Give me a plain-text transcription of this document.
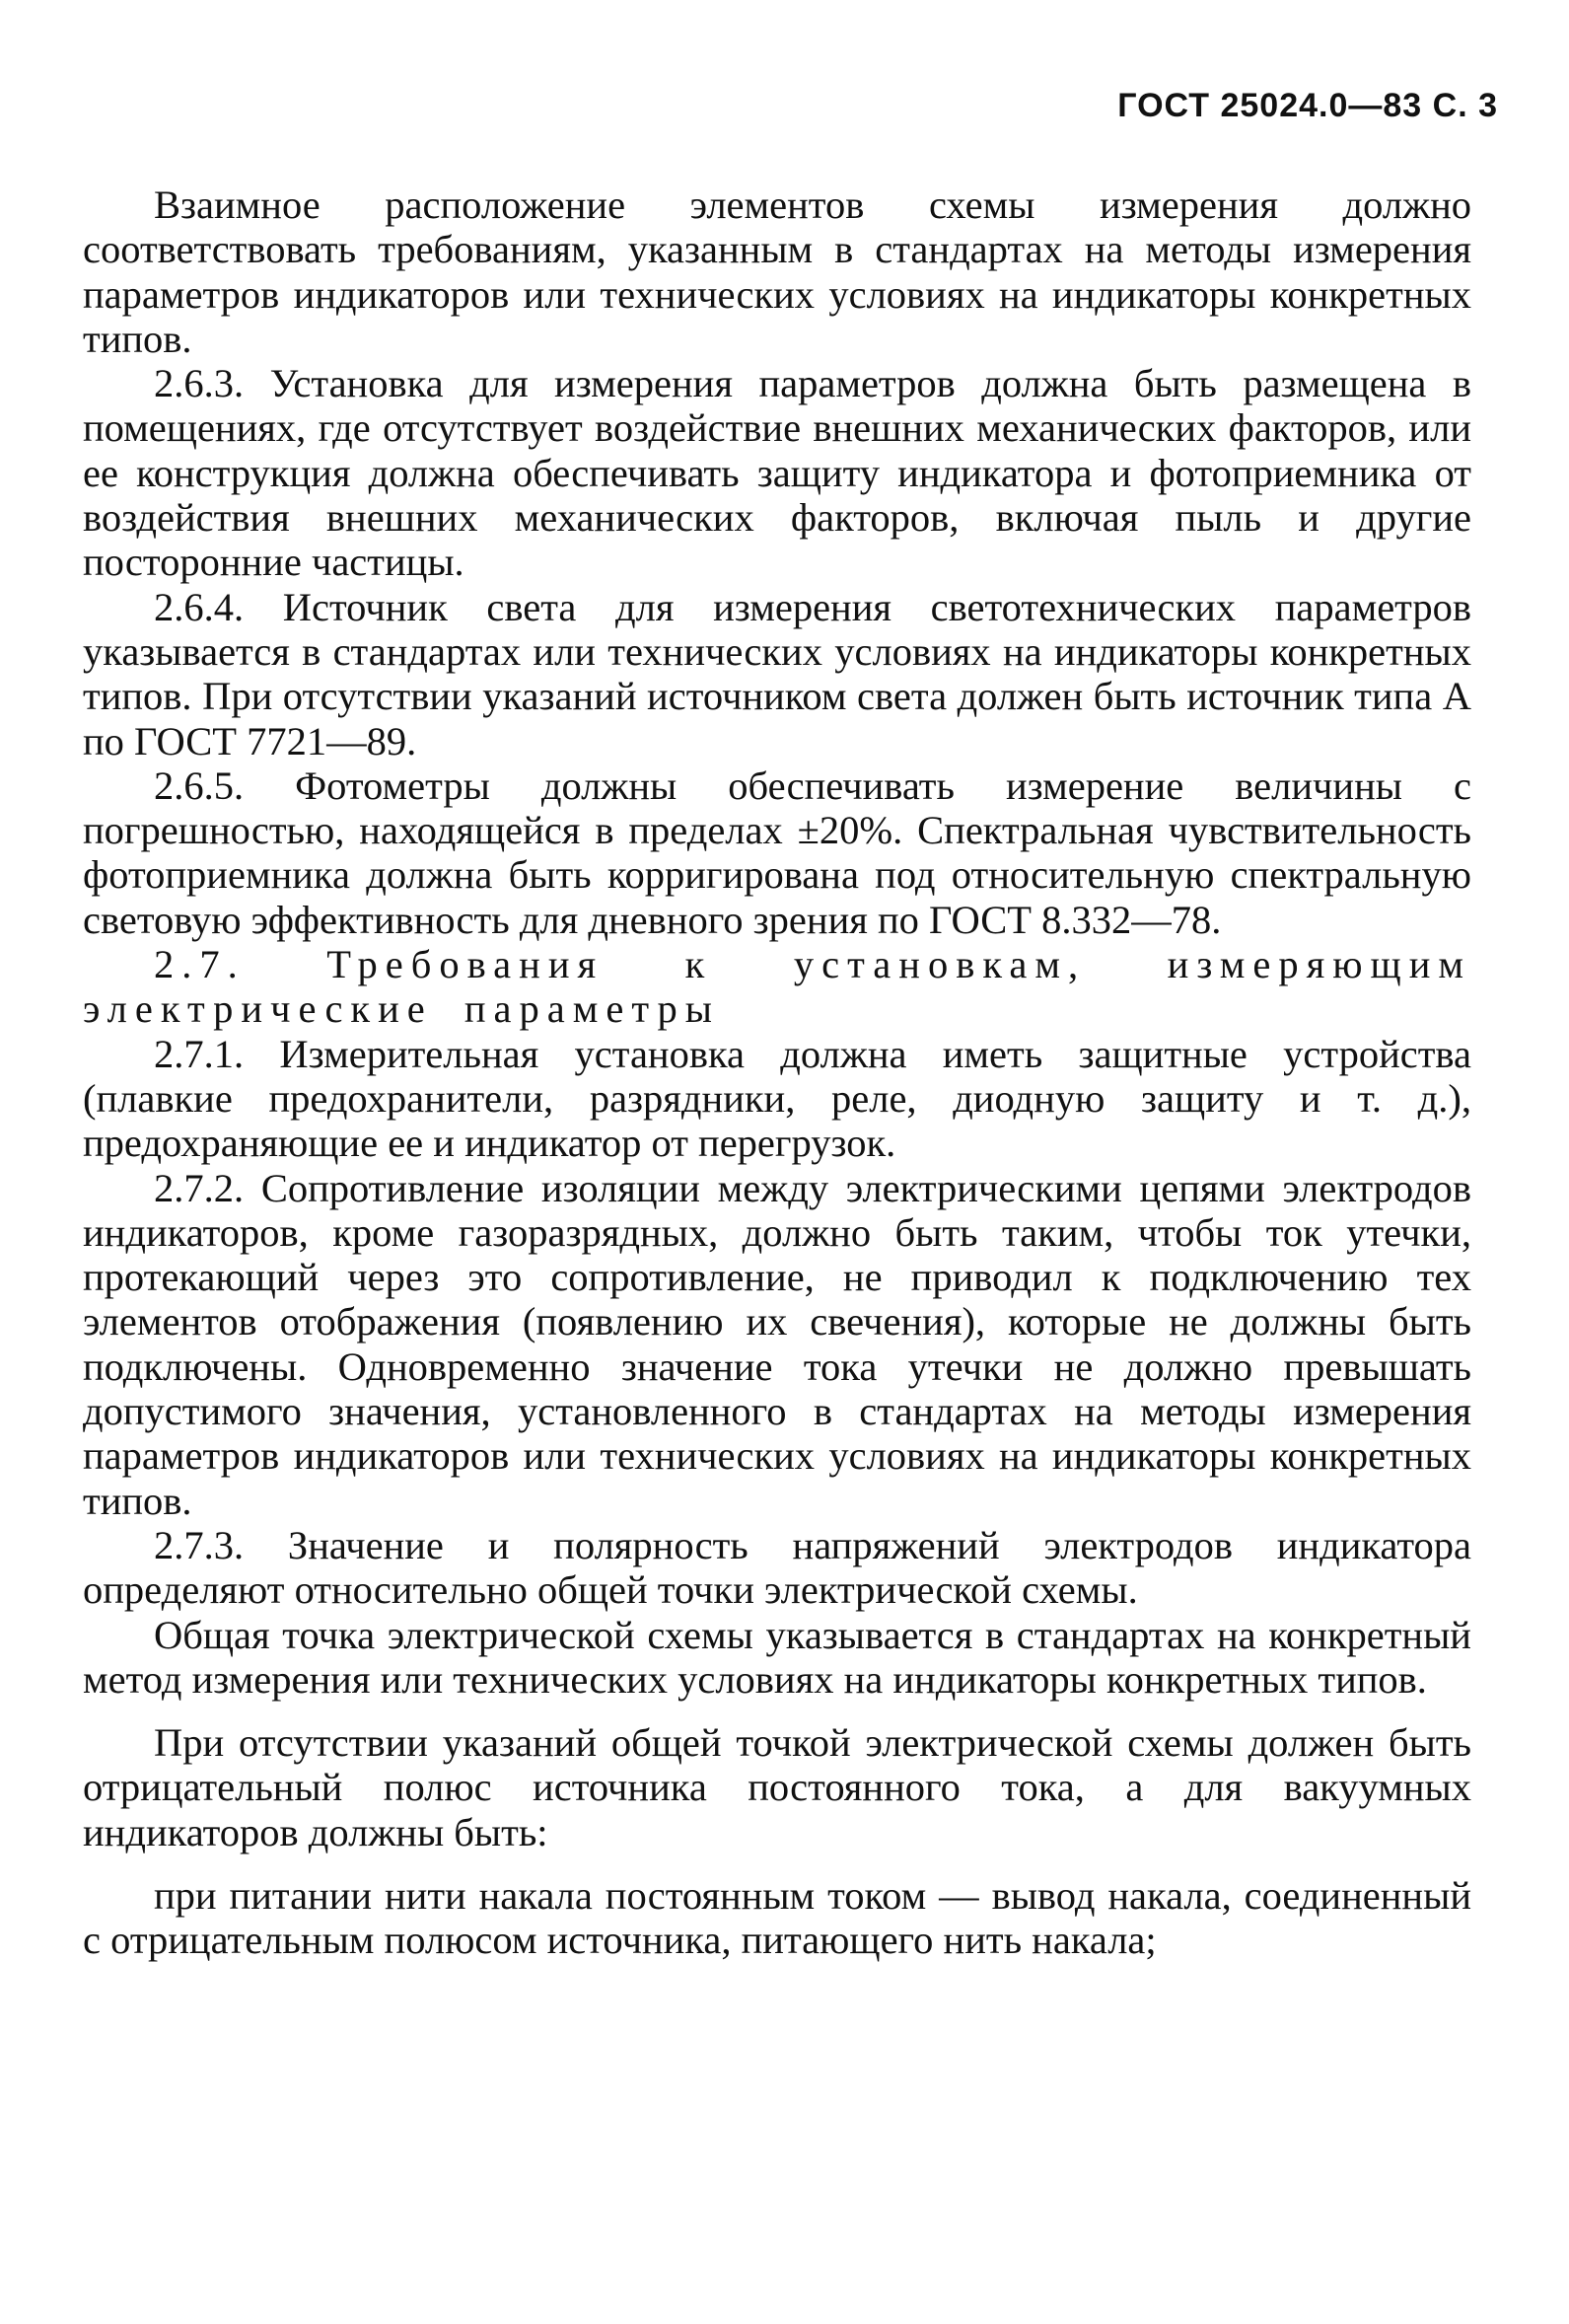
ГОСТ 25024.0—83 С. 3

Взаимное расположение элементов схемы измерения должно соответствовать требованиям, указанным в стандартах на методы измерения параметров индикаторов или технических условиях на индикаторы конкретных типов.

2.6.3. Установка для измерения параметров должна быть размещена в помещениях, где отсутствует воздействие внешних механических факторов, или ее конструкция должна обеспечивать защиту индикатора и фотоприемника от воздействия внешних механических факторов, включая пыль и другие посторонние частицы.

2.6.4. Источник света для измерения светотехнических параметров указывается в стандартах или технических условиях на индикаторы конкретных типов. При отсутствии указаний источником света должен быть источник типа А по ГОСТ 7721—89.

2.6.5. Фотометры должны обеспечивать измерение величины с погрешностью, находящейся в пределах ±20%. Спектральная чувствительность фотоприемника должна быть корригирована под относительную спектральную световую эффективность для дневного зрения по ГОСТ 8.332—78.

2.7. Требования к установкам, измеряющим электрические параметры

2.7.1. Измерительная установка должна иметь защитные устройства (плавкие предохранители, разрядники, реле, диодную защиту и т. д.), предохраняющие ее и индикатор от перегрузок.

2.7.2. Сопротивление изоляции между электрическими цепями электродов индикаторов, кроме газоразрядных, должно быть таким, чтобы ток утечки, протекающий через это сопротивление, не приводил к подключению тех элементов отображения (появлению их свечения), которые не должны быть подключены. Одновременно значение тока утечки не должно превышать допустимого значения, установленного в стандартах на методы измерения параметров индикаторов или технических условиях на индикаторы конкретных типов.

2.7.3. Значение и полярность напряжений электродов индикатора определяют относительно общей точки электрической схемы.

Общая точка электрической схемы указывается в стандартах на конкретный метод измерения или технических условиях на индикаторы конкретных типов.

При отсутствии указаний общей точкой электрической схемы должен быть отрицательный полюс источника постоянного тока, а для вакуумных индикаторов должны быть:

при питании нити накала постоянным током — вывод накала, соединенный с отрицательным полюсом источника, питающего нить накала;
